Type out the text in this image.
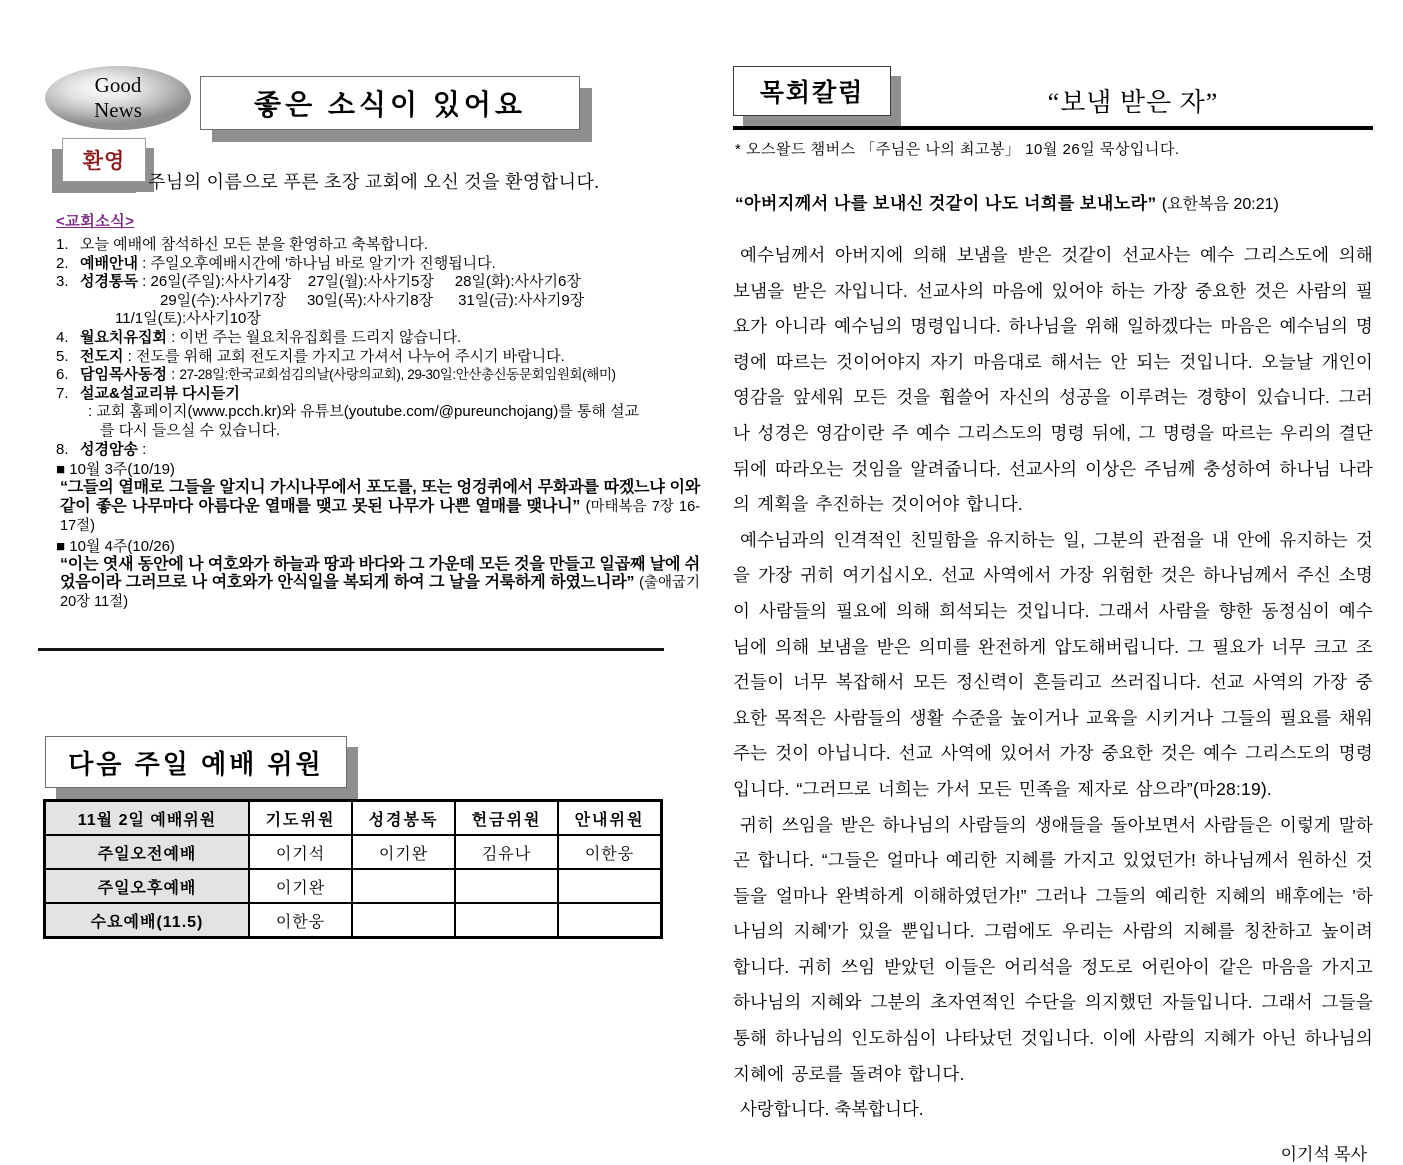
Good
News	좋은 소식이 있어요
환영
주님의 이름으로 푸른 초장 교회에 오신 것을 환영합니다.
<교회소식>
1. 오늘 예배에 참석하신 모든 분을 환영하고 축복합니다.
2. 예배안내 : 주일오후예배시간에 '하나님 바로 알기'가 진행됩니다.
3. 성경통독 : 26일(주일):사사기4장    27일(월):사사기5장     28일(화):사사기6장
29일(수):사사기7장     30일(목):사사기8장      31일(금):사사기9장
11/1일(토):사사기10장
4. 월요치유집회 : 이번 주는 월요치유집회를 드리지 않습니다.
5. 전도지 : 전도를 위해 교회 전도지를 가지고 가셔서 나누어 주시기 바랍니다.
6. 담임목사동정 : 27-28일:한국교회섬김의날(사랑의교회), 29-30일:안산총신동문회임원회(해미)
7. 설교&설교리뷰 다시듣기
: 교회 홈페이지(www.pcch.kr)와 유튜브(youtube.com/@pureunchojang)를 통해 설교
를 다시 들으실 수 있습니다.
8. 성경암송 :
■ 10월 3주(10/19)
“그들의 열매로 그들을 알지니 가시나무에서 포도를, 또는 엉겅퀴에서 무화과를 따겠느냐 이와 같이 좋은 나무마다 아름다운 열매를 맺고 못된 나무가 나쁜 열매를 맺나니” (마태복음 7장 16-17절)
■ 10월 4주(10/26)
“이는 엿새 동안에 나 여호와가 하늘과 땅과 바다와 그 가운데 모든 것을 만들고 일곱째 날에 쉬었음이라 그러므로 나 여호와가 안식일을 복되게 하여 그 날을 거룩하게 하였느니라” (출애굽기 20장 11절)
다음 주일 예배 위원
11월 2일 예배위원	기도위원	성경봉독	헌금위원	안내위원
주일오전예배	이기석	이기완	김유나	이한웅
주일오후예배	이기완			
수요예배(11.5)	이한웅			
목회칼럼	“보냄 받은 자”

* 오스왈드 챔버스 「주님은 나의 최고봉」 10월 26일 묵상입니다.

“아버지께서 나를 보내신 것같이 나도 너희를 보내노라” (요한복음 20:21)

예수님께서 아버지에 의해 보냄을 받은 것같이 선교사는 예수 그리스도에 의해 보냄을 받은 자입니다. 선교사의 마음에 있어야 하는 가장 중요한 것은 사람의 필요가 아니라 예수님의 명령입니다. 하나님을 위해 일하겠다는 마음은 예수님의 명령에 따르는 것이어야지 자기 마음대로 해서는 안 되는 것입니다. 오늘날 개인이 영감을 앞세워 모든 것을 휩쓸어 자신의 성공을 이루려는 경향이 있습니다. 그러나 성경은 영감이란 주 예수 그리스도의 명령 뒤에, 그 명령을 따르는 우리의 결단 뒤에 따라오는 것임을 알려줍니다. 선교사의 이상은 주님께 충성하여 하나님 나라의 계획을 추진하는 것이어야 합니다.

예수님과의 인격적인 친밀함을 유지하는 일, 그분의 관점을 내 안에 유지하는 것을 가장 귀히 여기십시오. 선교 사역에서 가장 위험한 것은 하나님께서 주신 소명이 사람들의 필요에 의해 희석되는 것입니다. 그래서 사람을 향한 동정심이 예수님에 의해 보냄을 받은 의미를 완전하게 압도해버립니다. 그 필요가 너무 크고 조건들이 너무 복잡해서 모든 정신력이 흔들리고 쓰러집니다. 선교 사역의 가장 중요한 목적은 사람들의 생활 수준을 높이거나 교육을 시키거나 그들의 필요를 채워주는 것이 아닙니다. 선교 사역에 있어서 가장 중요한 것은 예수 그리스도의 명령입니다. “그러므로 너희는 가서 모든 민족을 제자로 삼으라”(마28:19).

귀히 쓰임을 받은 하나님의 사람들의 생애들을 돌아보면서 사람들은 이렇게 말하곤 합니다. “그들은 얼마나 예리한 지혜를 가지고 있었던가! 하나님께서 원하신 것들을 얼마나 완벽하게 이해하였던가!” 그러나 그들의 예리한 지혜의 배후에는 '하나님의 지혜'가 있을 뿐입니다. 그럼에도 우리는 사람의 지혜를 칭찬하고 높이려 합니다. 귀히 쓰임 받았던 이들은 어리석을 정도로 어린아이 같은 마음을 가지고 하나님의 지혜와 그분의 초자연적인 수단을 의지했던 자들입니다. 그래서 그들을 통해 하나님의 인도하심이 나타났던 것입니다. 이에 사람의 지혜가 아닌 하나님의 지혜에 공로를 돌려야 합니다.

사랑합니다. 축복합니다.

이기석 목사
